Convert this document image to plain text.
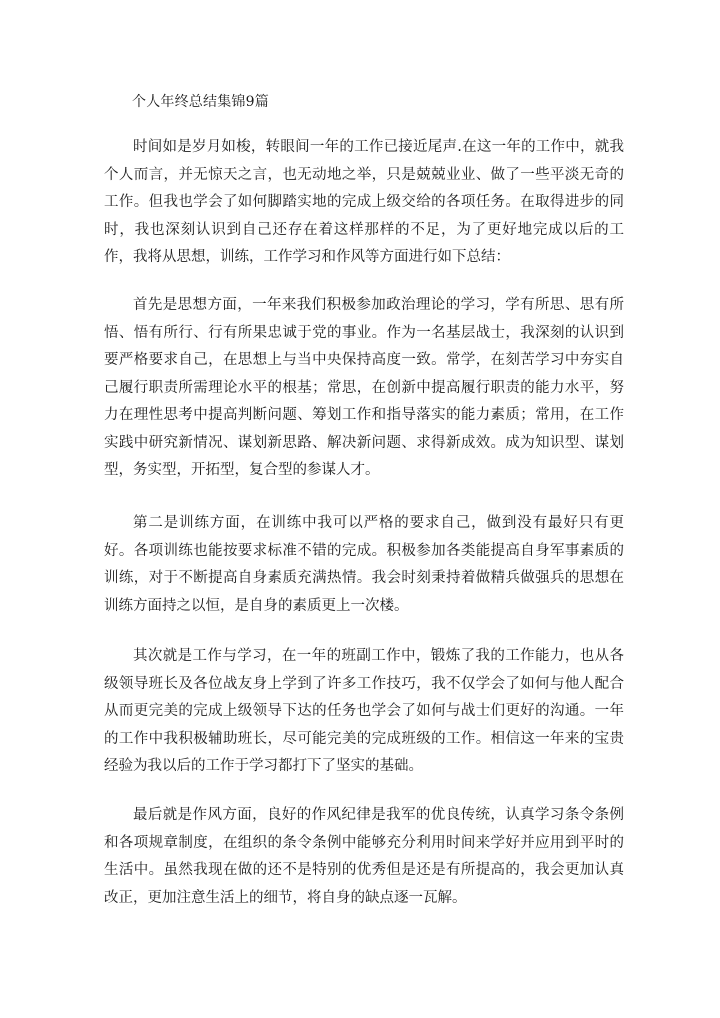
个人年终总结集锦9篇

时间如是岁月如梭，转眼间一年的工作已接近尾声.在这一年的工作中，就我个人而言，并无惊天之言，也无动地之举，只是兢兢业业、做了一些平淡无奇的工作。但我也学会了如何脚踏实地的完成上级交给的各项任务。在取得进步的同时，我也深刻认识到自己还存在着这样那样的不足，为了更好地完成以后的工作，我将从思想，训练，工作学习和作风等方面进行如下总结：

首先是思想方面，一年来我们积极参加政治理论的学习，学有所思、思有所悟、悟有所行、行有所果忠诚于党的事业。作为一名基层战士，我深刻的认识到要严格要求自己，在思想上与当中央保持高度一致。常学，在刻苦学习中夯实自己履行职责所需理论水平的根基；常思，在创新中提高履行职责的能力水平，努力在理性思考中提高判断问题、筹划工作和指导落实的能力素质；常用，在工作实践中研究新情况、谋划新思路、解决新问题、求得新成效。成为知识型、谋划型，务实型，开拓型，复合型的参谋人才。

第二是训练方面，在训练中我可以严格的要求自己，做到没有最好只有更好。各项训练也能按要求标准不错的完成。积极参加各类能提高自身军事素质的训练，对于不断提高自身素质充满热情。我会时刻秉持着做精兵做强兵的思想在训练方面持之以恒，是自身的素质更上一次楼。

其次就是工作与学习，在一年的班副工作中，锻炼了我的工作能力，也从各级领导班长及各位战友身上学到了许多工作技巧，我不仅学会了如何与他人配合从而更完美的完成上级领导下达的任务也学会了如何与战士们更好的沟通。一年的工作中我积极辅助班长，尽可能完美的完成班级的工作。相信这一年来的宝贵经验为我以后的工作于学习都打下了坚实的基础。

最后就是作风方面，良好的作风纪律是我军的优良传统，认真学习条令条例和各项规章制度，在组织的条令条例中能够充分利用时间来学好并应用到平时的生活中。虽然我现在做的还不是特别的优秀但是还是有所提高的，我会更加认真改正，更加注意生活上的细节，将自身的缺点逐一瓦解。
